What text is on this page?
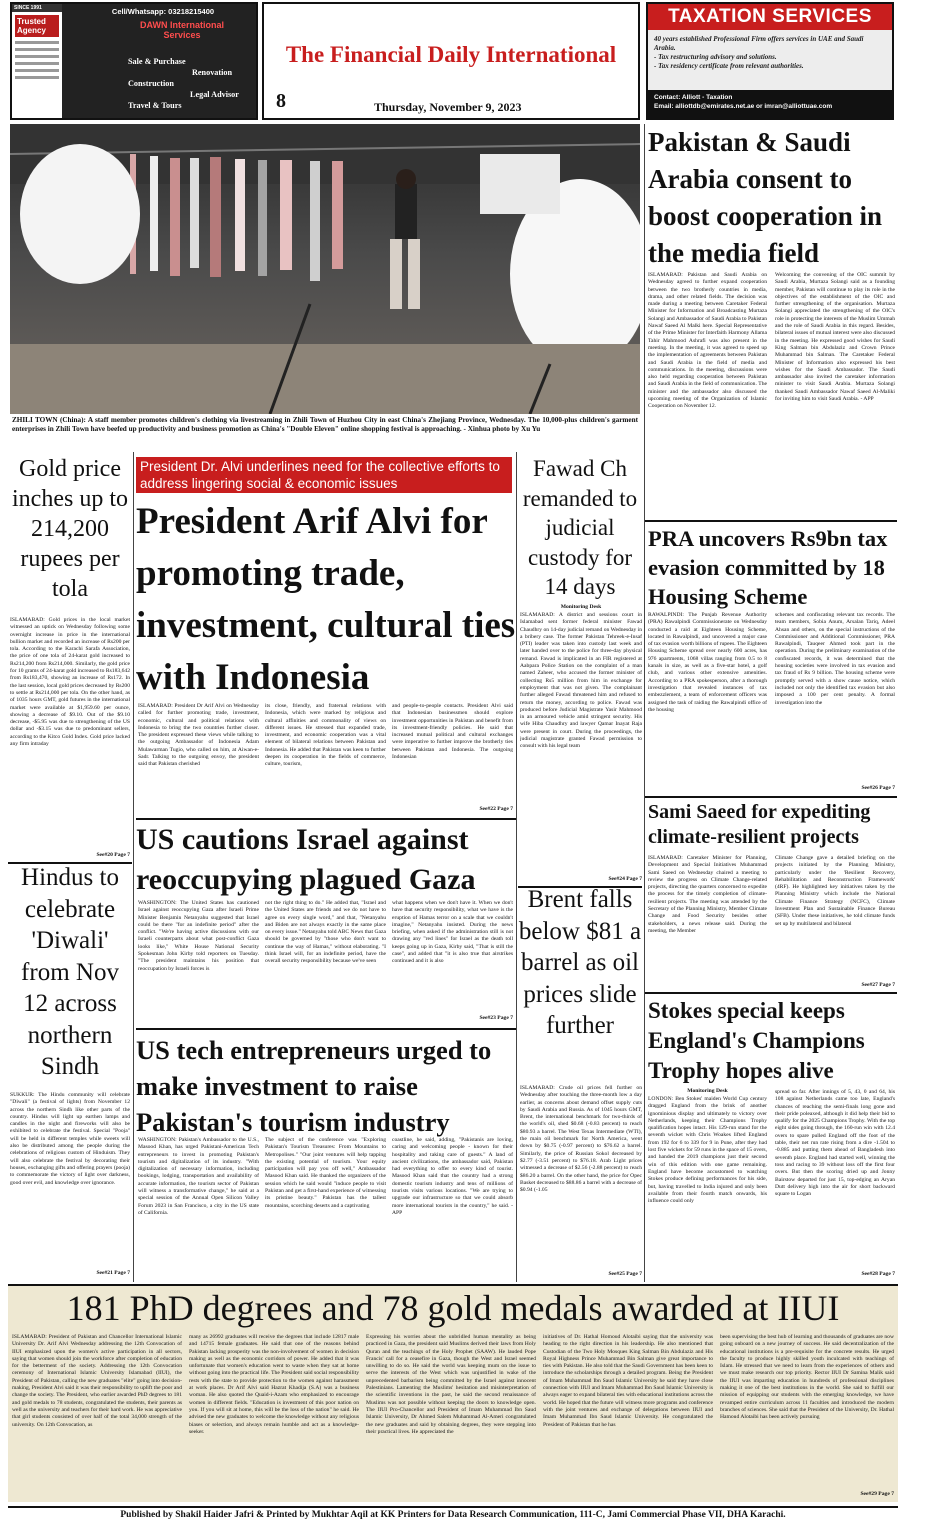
SINCE 1991
Trusted
Agency
Cell/Whatsapp: 03218215400
DAWN International Services
Sale & Purchase
Renovation
Construction
Legal Advisor
Travel & Tours
The Financial Daily International
8	Thursday, November 9, 2023
TAXATION SERVICES
40 years established Professional Firm offers services in UAE and Saudi Arabia.
- Tax restructuring advisory and solutions.
- Tax residency certificate from relevant authorities.
Contact: Alliott - Taxation
Email: alliottdb@emirates.net.ae or imran@alliottuae.com
ZHILI TOWN (China): A staff member promotes children's clothing via livestreaming in Zhili Town of Huzhou City in east China's Zhejiang Province, Wednesday. The 10,000-plus children's garment enterprises in Zhili Town have beefed up productivity and business promotion as China's "Double Eleven" online shopping festival is approaching. - Xinhua photo by Xu Yu
Pakistan & Saudi Arabia consent to boost cooperation in the media field
ISLAMABAD: Pakistan and Saudi Arabia on Wednesday agreed to further expand cooperation between the two brotherly countries in media, drama, and other related fields. The decision was made during a meeting between Caretaker Federal Minister for Information and Broadcasting Murtaza Solangi and Ambassador of Saudi Arabia to Pakistan Nawaf Saeed Al Malki here. Special Representative of the Prime Minister for Interfaith Harmony Allama Tahir Mahmood Ashrafi was also present in the meeting. In the meeting, it was agreed to speed up the implementation of agreements between Pakistan and Saudi Arabia in the field of media and communications. In the meeting, discussions were also held regarding cooperation between Pakistan and Saudi Arabia in the field of communication. The minister and the ambassador also discussed the upcoming meeting of the Organization of Islamic Cooperation on November 12.
Welcoming the convening of the OIC summit by Saudi Arabia, Murtaza Solangi said as a founding member, Pakistan will continue to play its role in the objectives of the establishment of the OIC and further strengthening of the organisation. Murtaza Solangi appreciated the strengthening of the OIC's role in protecting the interests of the Muslim Ummah and the role of Saudi Arabia in this regard. Besides, bilateral issues of mutual interest were also discussed in the meeting. He expressed good wishes for Saudi King Salman bin Abdulaziz and Crown Prince Muhammad bin Salman. The Caretaker Federal Minister of Information also expressed his best wishes for the Saudi Ambassador. The Saudi ambassador also invited the caretaker information minister to visit Saudi Arabia. Murtaza Solangi thanked Saudi Ambassador Nawaf Saeed Al-Maliki for inviting him to visit Saudi Arabia. - APP
Gold price inches up to 214,200 rupees per tola
ISLAMABAD: Gold prices in the local market witnessed an uptick on Wednesday following some overnight increase in price in the international bullion market and recorded an increase of Rs200 per tola. According to the Karachi Sarafa Association, the price of one tola of 24-karat gold increased to Rs214,200 from Rs214,000. Similarly, the gold price for 10 grams of 24-karat gold increased to Rs183,642 from Rs183,470, showing an increase of Rs172. In the last session, local gold prices decreased by Rs200 to settle at Rs214,000 per tola. On the other hand, as of 1035 hours GMT, gold futures in the international market were available at $1,959.60 per ounce, showing a decrease of $9.10. Out of the $9.10 decrease, -$5.95 was due to strengthening of the US dollar and -$3.15 was due to predominant sellers, according to the Kitco Gold Index. Gold price lacked any firm intraday
See#20 Page 7
President Dr. Alvi underlines need for the collective efforts to address lingering social & economic issues
President Arif Alvi for promoting trade, investment, cultural ties with Indonesia
ISLAMABAD: President Dr Arif Alvi on Wednesday called for further promoting trade, investment, economic, cultural and political relations with Indonesia to bring the two countries further closer. The president expressed these views while talking to the outgoing Ambassador of Indonesia Adam Mulawarman Tugio, who called on him, at Aiwan-e-Sadr. Talking to the outgoing envoy, the president said that Pakistan cherished
its close, friendly, and fraternal relations with Indonesia, which were marked by religious and cultural affinities and commonality of views on different issues. He stressed that expanded trade, investment, and economic cooperation was a vital element of bilateral relations between Pakistan and Indonesia. He added that Pakistan was keen to further deepen its cooperation in the fields of commerce, culture, tourism,
and people-to-people contacts. President Alvi said that Indonesian businessmen should explore investment opportunities in Pakistan and benefit from its investment-friendly policies. He said that increased mutual political and cultural exchanges were imperative to further improve the brotherly ties between Pakistan and Indonesia. The outgoing Indonesian
See#22 Page 7
Fawad Ch remanded to judicial custody for 14 days
Monitoring Desk
ISLAMABAD: A district and sessions court in Islamabad sent former federal minister Fawad Chaudhry on 14-day judicial remand on Wednesday in a bribery case. The former Pakistan Tehreek-e-Insaf (PTI) leader was taken into custody last week and later handed over to the police for three-day physical remand. Fawad is implicated in an FIR registered at Aabpara Police Station on the complaint of a man named Zaheer, who accused the former minister of collecting Rs5 million from him in exchange for employment that was not given. The complainant further alleged Fawad threatened him and refused to return the money, according to police. Fawad was produced before Judicial Magistrate Yasir Mahmood in an armoured vehicle amid stringent security. His wife Hiba Chaudhry and lawyer Qamar Inayat Raja were present in court. During the proceedings, the judicial magistrate granted Fawad permission to consult with his legal team
See#24 Page 7
PRA uncovers Rs9bn tax evasion committed by 18 Housing Scheme
RAWALPINDI: The Punjab Revenue Authority (PRA) Rawalpindi Commissionerate on Wednesday conducted a raid at Eighteen Housing Scheme, located in Rawalpindi, and uncovered a major case of tax evasion worth billions of rupees. The Eighteen Housing Scheme spread over nearly 600 acres, has 976 apartments, 1068 villas ranging from 0.5 to 8 kanals in size, as well as a five-star hotel, a golf club, and various other extensive amenities. According to a PRA spokesperson, after a thorough investigation that revealed instances of tax embezzlement, a team of enforcement officers was assigned the task of raiding the Rawalpindi office of the housing
schemes and confiscating relevant tax records. The team members, Sobia Anum, Arsalan Tariq, Adeel Ahsan and others, on the special instructions of the Commissioner and Additional Commissioner, PRA Rawalpindi, Tauqeer Ahmed took part in the operation. During the preliminary examination of the confiscated records, it was determined that the housing societies were involved in tax evasion and tax fraud of Rs 9 billion. The housing scheme were promptly served with a show cause notice, which included not only the identified tax evasion but also imposed a 100 per cent penalty. A formal investigation into the
See#26 Page 7
US cautions Israel against reoccupying plagued Gaza
WASHINGTON: The United States has cautioned Israel against reoccupying Gaza after Israeli Prime Minister Benjamin Netanyahu suggested that Israel could be there "for an indefinite period" after the conflict. "We're having active discussions with our Israeli counterparts about what post-conflict Gaza looks like," White House National Security Spokesman John Kirby told reporters on Tuesday. "The president maintains his position that reoccupation by Israeli forces is
not the right thing to do." He added that, "Israel and the United States are friends and we do not have to agree on every single word," and that, "Netanyahu and Biden are not always exactly in the same place on every issue." Netanyahu told ABC News that Gaza should be governed by "those who don't want to continue the way of Hamas," without elaborating. "I think Israel will, for an indefinite period, have the overall security responsibility because we've seen
what happens when we don't have it. When we don't have that security responsibility, what we have is the eruption of Hamas terror on a scale that we couldn't imagine," Netanyahu insisted. During the news briefing, when asked if the administration still is not drawing any "red lines" for Israel as the death toll keeps going up in Gaza, Kirby said, "That is still the case", and added that "it is also true that airstrikes continued and it is also
See#23 Page 7
Hindus to celebrate 'Diwali' from Nov 12 across northern Sindh
SUKKUR: The Hindu community will celebrate "Diwali" (a festival of lights) from November 12 across the northern Sindh like other parts of the country. Hindus will light up earthen lamps and candles in the night and fireworks will also be exhibited to celebrate the festival. Special "Pooja" will be held in different temples while sweets will also be distributed among the people during the celebrations of religious custom of Hinduism. They will also celebrate the festival by decorating their houses, exchanging gifts and offering prayers (pooja) to commemorate the victory of light over darkness, good over evil, and knowledge over ignorance.
See#21 Page 7
US tech entrepreneurs urged to make investment to raise Pakistan's tourism industry
WASHINGTON: Pakistan's Ambassador to the U.S., Masood Khan, has urged Pakistani-American Tech entrepreneurs to invest in promoting Pakistan's tourism and digitalization of its industry. "With digitalization of necessary information, including bookings, lodging, transportation and availability of accurate information, the tourism sector of Pakistan will witness a transformative change," he said at a special session of the Annual Open Silicon Valley Forum 2023 in San Francisco, a city in the US state of California.
The subject of the conference was "Exploring Pakistan's Tourism Treasures: From Mountains to Metropolises." "Our joint ventures will help tapping the existing potential of tourism. Your equity participation will pay you off well," Ambassador Masood Khan said. He thanked the organizers of the session which he said would "induce people to visit Pakistan and get a first-hand experience of witnessing its pristine beauty." Pakistan has the tallest mountains, scorching deserts and a captivating
coastline, he said, adding, "Pakistanis are loving, caring and welcoming people - known for their hospitality and taking care of guests." A land of ancient civilizations, the ambassador said, Pakistan had everything to offer to every kind of tourist. Masood Khan said that the country had a strong domestic tourism industry and tens of millions of tourists visits various locations. "We are trying to upgrade our infrastructure so that we could absorb more international tourists in the country," he said. - APP
Brent falls below $81 a barrel as oil prices slide further
ISLAMABAD: Crude oil prices fell further on Wednesday after touching the three-month low a day earlier, as concerns about demand offset supply cuts by Saudi Arabia and Russia. As of 1045 hours GMT, Brent, the international benchmark for two-thirds of the world's oil, shed $0.68 (-0.83 percent) to reach $80.93 a barrel. The West Texas Intermediate (WTI), the main oil benchmark for North America, went down by $0.75 (-0.97 percent) to $76.62 a barrel. Similarly, the price of Russian Sokol decreased by $2.77 (-3.51 percent) to $76.18. Arab Light prices witnessed a decrease of $2.56 (-2.88 percent) to reach $86.20 a barrel. On the other hand, the price for Opec Basket decreased to $88.86 a barrel with a decrease of $0.94 (-1.05
See#25 Page 7
Sami Saeed for expediting climate-resilient projects
ISLAMABAD: Caretaker Minister for Planning, Development and Special Initiatives Muhammad Sami Saeed on Wednesday chaired a meeting to review the progress on Climate Change-related projects, directing the quarters concerned to expedite the process for the timely completion of climate-resilient projects. The meeting was attended by the Secretary of the Planning Ministry, Member Climate Change and Food Security besides other stakeholders, a news release said. During the meeting, the Member
Climate Change gave a detailed briefing on the projects initiated by the Planning Ministry, particularly under the 'Resilient Recovery, Rehabilitation and Reconstruction Framework' (4RF). He highlighted key initiatives taken by the Planning Ministry which include the National Climate Finance Strategy (NCFC), Climate Investment Plan and Sustainable Finance Bureau (SFB). Under these initiatives, he told climate funds set up by multilateral and bilateral
See#27 Page 7
Stokes special keeps England's Champions Trophy hopes alive
Monitoring Desk
LONDON: Ben Stokes' maiden World Cup century dragged England from the brink of another ignominious display and ultimately to victory over Netherlands, keeping their Champions Trophy qualification hopes intact. His 129-run stand for the seventh wicket with Chris Woakes lifted England from 192 for 6 to 339 for 9 in Pune, after they had lost five wickets for 59 runs in the space of 15 overs, and handed the 2019 champions just their second win of this edition with one game remaining. England have become accustomed to watching Stokes produce defining performances for his side, but, having travelled to India injured and only been available from their fourth match onwards, his influence could only
spread so far. After innings of 5, 43, 0 and 64, his 108 against Netherlands came too late, England's chances of reaching the semi-finals long gone and their pride poleaxed, although it did help their bid to qualify for the 2025 Champions Trophy. With the top eight sides going through, the 160-run win with 12.4 overs to spare pulled England off the foot of the table, their net run rate rising from a dire -1.504 to -0.885 and putting them ahead of Bangladesh into seventh place. England had started well, winning the toss and racing to 39 without loss off the first four overs. But then the scoring dried up and Jonny Bairstow departed for just 15, top-edging an Aryan Dutt delivery high into the air for short backward square to Logan
See#28 Page 7
181 PhD degrees and 78 gold medals awarded at IIUI
ISLAMABAD: President of Pakistan and Chancellor International Islamic University Dr. Arif Alvi Wednesday addressing the 12th Convocation of IIUI emphasized upon the women's active participation in all sectors, saying that women should join the workforce after completion of education for the betterment of the society. Addressing the 12th Convocation ceremony of International Islamic University Islamabad (IIUI), the President of Pakistan, calling the new graduates "elite" going into decision-making, President Alvi said it was their responsibility to uplift the poor and change the society. The President, who earlier awarded PhD degrees to 181 and gold medals to 78 students, congratulated the students, their parents as well as the university and teachers for their hard work. He was appreciative that girl students consisted of over half of the total 34,000 strength of the university. On 12th Convocation, as
many as 26992 graduates will receive the degrees that include 12817 male and 14715 female graduates. He said that one of the reasons behind Pakistan lacking prosperity was the non-involvement of women in decision making as well as the economic corridors of power. He added that it was unfortunate that women's education went to waste when they sat at home without going into the practical life. The President said social responsibility rests with the state to provide protection to the women against harassment at work places. Dr Arif Alvi said Hazrat Khadija (S.A) was a business woman. He also quoted the Quaid-i-Azam who emphasized to encourage women in different fields. "Education is investment of this poor nation on you. If you will sit at home, this will be the loss of the nation" he said. He advised the new graduates to welcome the knowledge without any religious biases or selection, and always remain humble and act as a knowledge-seeker.
Expressing his worries about the unbridled human mentality as being practiced in Gaza, the president said Muslims derived their laws from Holy Quran and the teachings of the Holy Prophet (SAAW). He lauded Pope Francis' call for a ceasefire in Gaza, though the West and Israel seemed unwilling to do so. He said the world was keeping mum on the issue to serve the interests of the West which was unjustified in wake of the unprecedented barbarism being committed by the Israel against innocent Palestinians. Lamenting the Muslims' hesitation and misinterpretation of the scientific inventions in the past, he said the second renaissance of Muslims was not possible without keeping the doors to knowledge open. The IIUI Pro-Chancellor and President of Imam Muhammad Ibn Saud Islamic University, Dr Ahmed Salem Muhammad Al-Ameri congratulated the new graduates and said by obtaining degrees, they were stepping into their practical lives. He appreciated the
initiatives of Dr. Hathal Homoud Alotaibi saying that the university was heading to the right direction in his leadership. He also mentioned that Custodian of the Two Holy Mosques King Salman Bin Abdulaziz and His Royal Highness Prince Muhammad Bin Salman give great importance to ties with Pakistan. He also told that the Saudi Government has been keen to introduce the scholarships through a detailed program. Being the President of Imam Muhammad Ibn Saud Islamic University he said they have close connection with IIUI and Imam Muhammad Ibn Saud Islamic University is always eager to expand bilateral ties with educational institutions across the world. He hoped that the future will witness more programs and conference with the joint ventures and exchange of delegations between IIUI and Imam Muhammad Ibn Saud Islamic University. He congratulated the President of Pakistan that he has
been supervising the best hub of learning and thousands of graduates are now going onboard on a new journey of success. He said decentralization of the educational institutions is a pre-requisite for the concrete results. He urged the faculty to produce highly skilled youth inculcated with teachings of Islam. He stressed that we need to learn from the experiences of others and we must make research our top priority. Rector IIUI Dr Samina Malik said the IIUI was imparting education in hundreds of professional disciplines making it one of the best institutions in the world. She said to fulfill our mission of equipping our students with the emerging knowledge, we have revamped entire curriculum across 11 faculties and introduced the modern branches of sciences. She said that the President of the University, Dr. Hathal Hamoud Alotaibi has been actively pursuing
See#29 Page 7
Published by Shakil Haider Jafri & Printed by Mukhtar Aqil at KK Printers for Data Research Communication, 111-C, Jami Commercial Phase VII, DHA Karachi.
